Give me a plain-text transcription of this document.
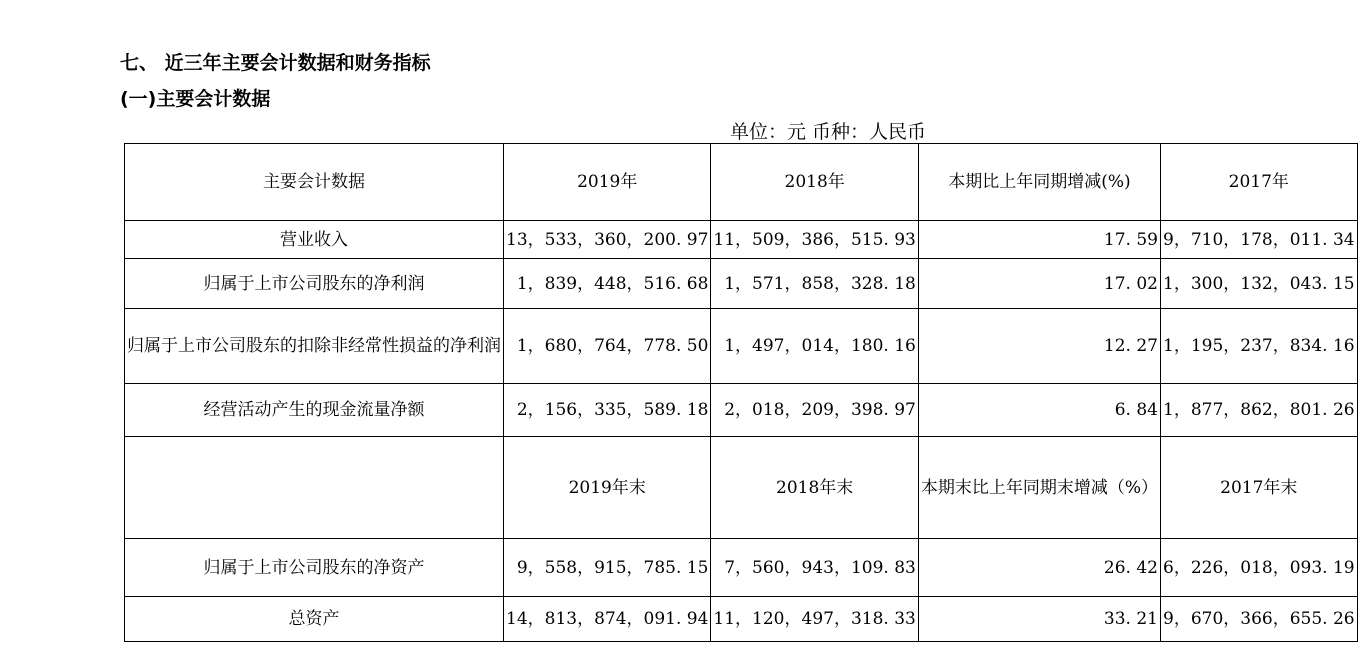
七、 近三年主要会计数据和财务指标
(一)主要会计数据
单位：元 币种：人民币
主要会计数据	2019年	2018年	本期比上年同期增减(%)	2017年
营业收入	13，533，360，200. 97	11，509，386，515. 93	17. 59	9，710，178，011. 34
归属于上市公司股东的净利润	1，839，448，516. 68	1，571，858，328. 18	17. 02	1，300，132，043. 15
归属于上市公司股东的扣除非经常性损益的净利润	1，680，764，778. 50	1，497，014，180. 16	12. 27	1，195，237，834. 16
经营活动产生的现金流量净额	2，156，335，589. 18	2，018，209，398. 97	6. 84	1，877，862，801. 26
	2019年末	2018年末	本期末比上年同期末增减（%）	2017年末
归属于上市公司股东的净资产	9，558，915，785. 15	7，560，943，109. 83	26. 42	6，226，018，093. 19
总资产	14，813，874，091. 94	11，120，497，318. 33	33. 21	9，670，366，655. 26
